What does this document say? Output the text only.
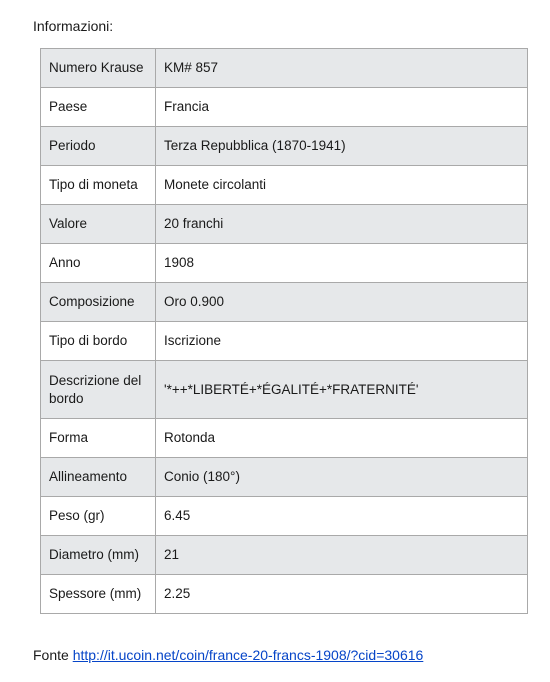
Informazioni:
Numero Krause	KM# 857
Paese	Francia
Periodo	Terza Repubblica (1870-1941)
Tipo di moneta	Monete circolanti
Valore	20 franchi
Anno	1908
Composizione	Oro 0.900
Tipo di bordo	Iscrizione
Descrizione del bordo	'*++*LIBERTÉ+*ÉGALITÉ+*FRATERNITÉ'
Forma	Rotonda
Allineamento	Conio (180°)
Peso (gr)	6.45
Diametro (mm)	21
Spessore (mm)	2.25
Fonte http://it.ucoin.net/coin/france-20-francs-1908/?cid=30616
